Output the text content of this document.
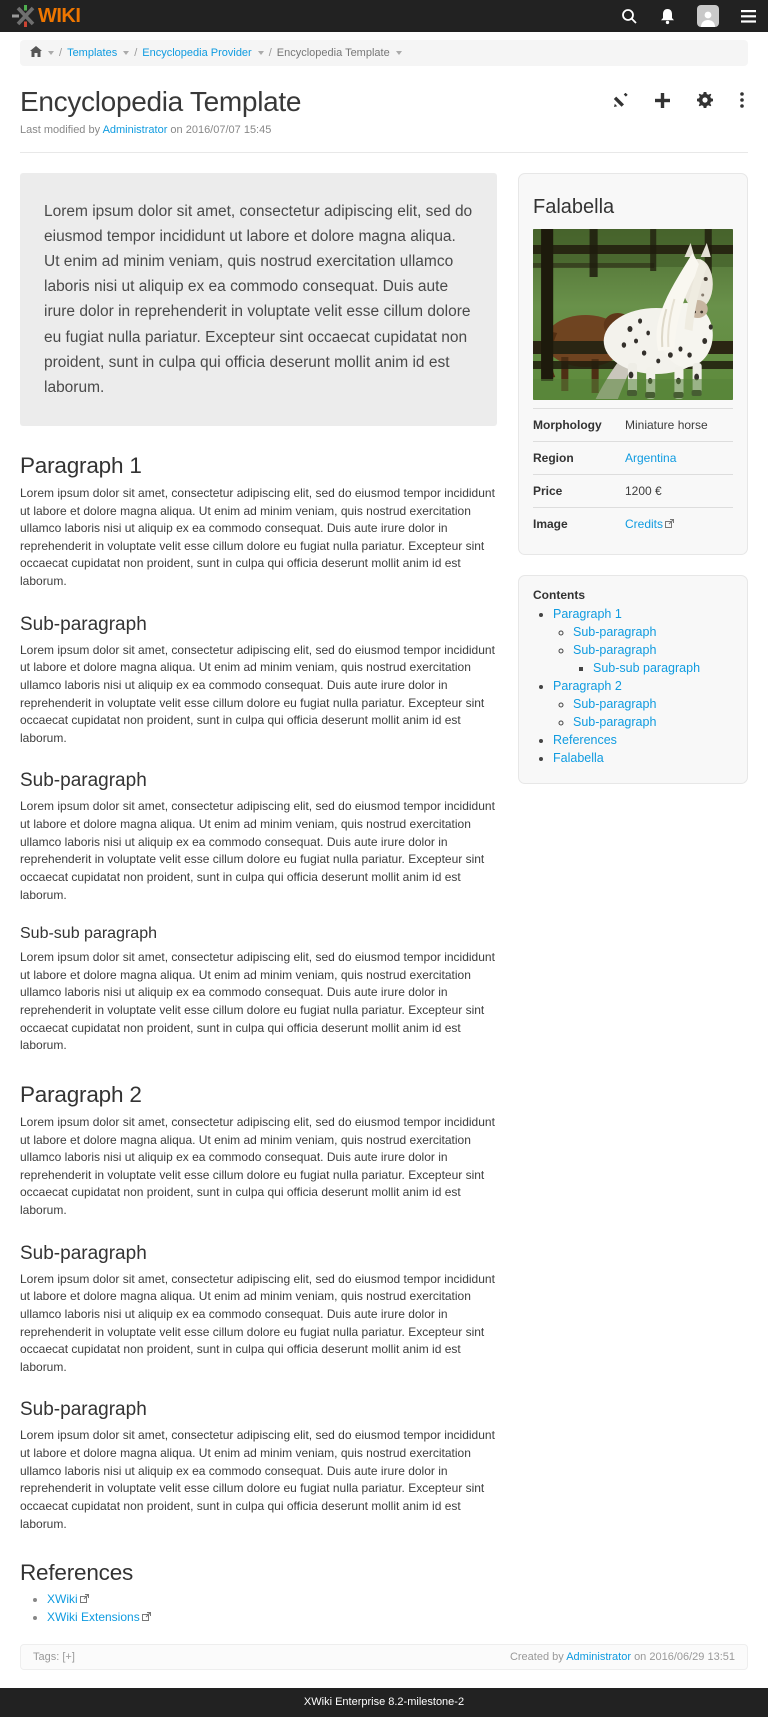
WIKI
/ Templates / Encyclopedia Provider / Encyclopedia Template
Encyclopedia Template
Last modified by Administrator on 2016/07/07 15:45
Lorem ipsum dolor sit amet, consectetur adipiscing elit, sed do eiusmod tempor incididunt ut labore et dolore magna aliqua. Ut enim ad minim veniam, quis nostrud exercitation ullamco laboris nisi ut aliquip ex ea commodo consequat. Duis aute irure dolor in reprehenderit in voluptate velit esse cillum dolore eu fugiat nulla pariatur. Excepteur sint occaecat cupidatat non proident, sunt in culpa qui officia deserunt mollit anim id est laborum.
Paragraph 1

Lorem ipsum dolor sit amet, consectetur adipiscing elit, sed do eiusmod tempor incididunt ut labore et dolore magna aliqua. Ut enim ad minim veniam, quis nostrud exercitation ullamco laboris nisi ut aliquip ex ea commodo consequat. Duis aute irure dolor in reprehenderit in voluptate velit esse cillum dolore eu fugiat nulla pariatur. Excepteur sint occaecat cupidatat non proident, sunt in culpa qui officia deserunt mollit anim id est laborum.

Sub-paragraph

Lorem ipsum dolor sit amet, consectetur adipiscing elit, sed do eiusmod tempor incididunt ut labore et dolore magna aliqua. Ut enim ad minim veniam, quis nostrud exercitation ullamco laboris nisi ut aliquip ex ea commodo consequat. Duis aute irure dolor in reprehenderit in voluptate velit esse cillum dolore eu fugiat nulla pariatur. Excepteur sint occaecat cupidatat non proident, sunt in culpa qui officia deserunt mollit anim id est laborum.

Sub-paragraph

Lorem ipsum dolor sit amet, consectetur adipiscing elit, sed do eiusmod tempor incididunt ut labore et dolore magna aliqua. Ut enim ad minim veniam, quis nostrud exercitation ullamco laboris nisi ut aliquip ex ea commodo consequat. Duis aute irure dolor in reprehenderit in voluptate velit esse cillum dolore eu fugiat nulla pariatur. Excepteur sint occaecat cupidatat non proident, sunt in culpa qui officia deserunt mollit anim id est laborum.

Sub-sub paragraph

Lorem ipsum dolor sit amet, consectetur adipiscing elit, sed do eiusmod tempor incididunt ut labore et dolore magna aliqua. Ut enim ad minim veniam, quis nostrud exercitation ullamco laboris nisi ut aliquip ex ea commodo consequat. Duis aute irure dolor in reprehenderit in voluptate velit esse cillum dolore eu fugiat nulla pariatur. Excepteur sint occaecat cupidatat non proident, sunt in culpa qui officia deserunt mollit anim id est laborum.

Paragraph 2

Lorem ipsum dolor sit amet, consectetur adipiscing elit, sed do eiusmod tempor incididunt ut labore et dolore magna aliqua. Ut enim ad minim veniam, quis nostrud exercitation ullamco laboris nisi ut aliquip ex ea commodo consequat. Duis aute irure dolor in reprehenderit in voluptate velit esse cillum dolore eu fugiat nulla pariatur. Excepteur sint occaecat cupidatat non proident, sunt in culpa qui officia deserunt mollit anim id est laborum.

Sub-paragraph

Lorem ipsum dolor sit amet, consectetur adipiscing elit, sed do eiusmod tempor incididunt ut labore et dolore magna aliqua. Ut enim ad minim veniam, quis nostrud exercitation ullamco laboris nisi ut aliquip ex ea commodo consequat. Duis aute irure dolor in reprehenderit in voluptate velit esse cillum dolore eu fugiat nulla pariatur. Excepteur sint occaecat cupidatat non proident, sunt in culpa qui officia deserunt mollit anim id est laborum.

Sub-paragraph

Lorem ipsum dolor sit amet, consectetur adipiscing elit, sed do eiusmod tempor incididunt ut labore et dolore magna aliqua. Ut enim ad minim veniam, quis nostrud exercitation ullamco laboris nisi ut aliquip ex ea commodo consequat. Duis aute irure dolor in reprehenderit in voluptate velit esse cillum dolore eu fugiat nulla pariatur. Excepteur sint occaecat cupidatat non proident, sunt in culpa qui officia deserunt mollit anim id est laborum.

References
• XWiki
• XWiki Extensions
Falabella
Morphology	Miniature horse
Region	Argentina
Price	1200 €
Image	Credits

Contents

• Paragraph 1
◦ Sub-paragraph
◦ Sub-paragraph
▪ Sub-sub paragraph
• Paragraph 2
◦ Sub-paragraph
◦ Sub-paragraph
• References
• Falabella
Tags: [+]	Created by Administrator on 2016/06/29 13:51
XWiki Enterprise 8.2-milestone-2
